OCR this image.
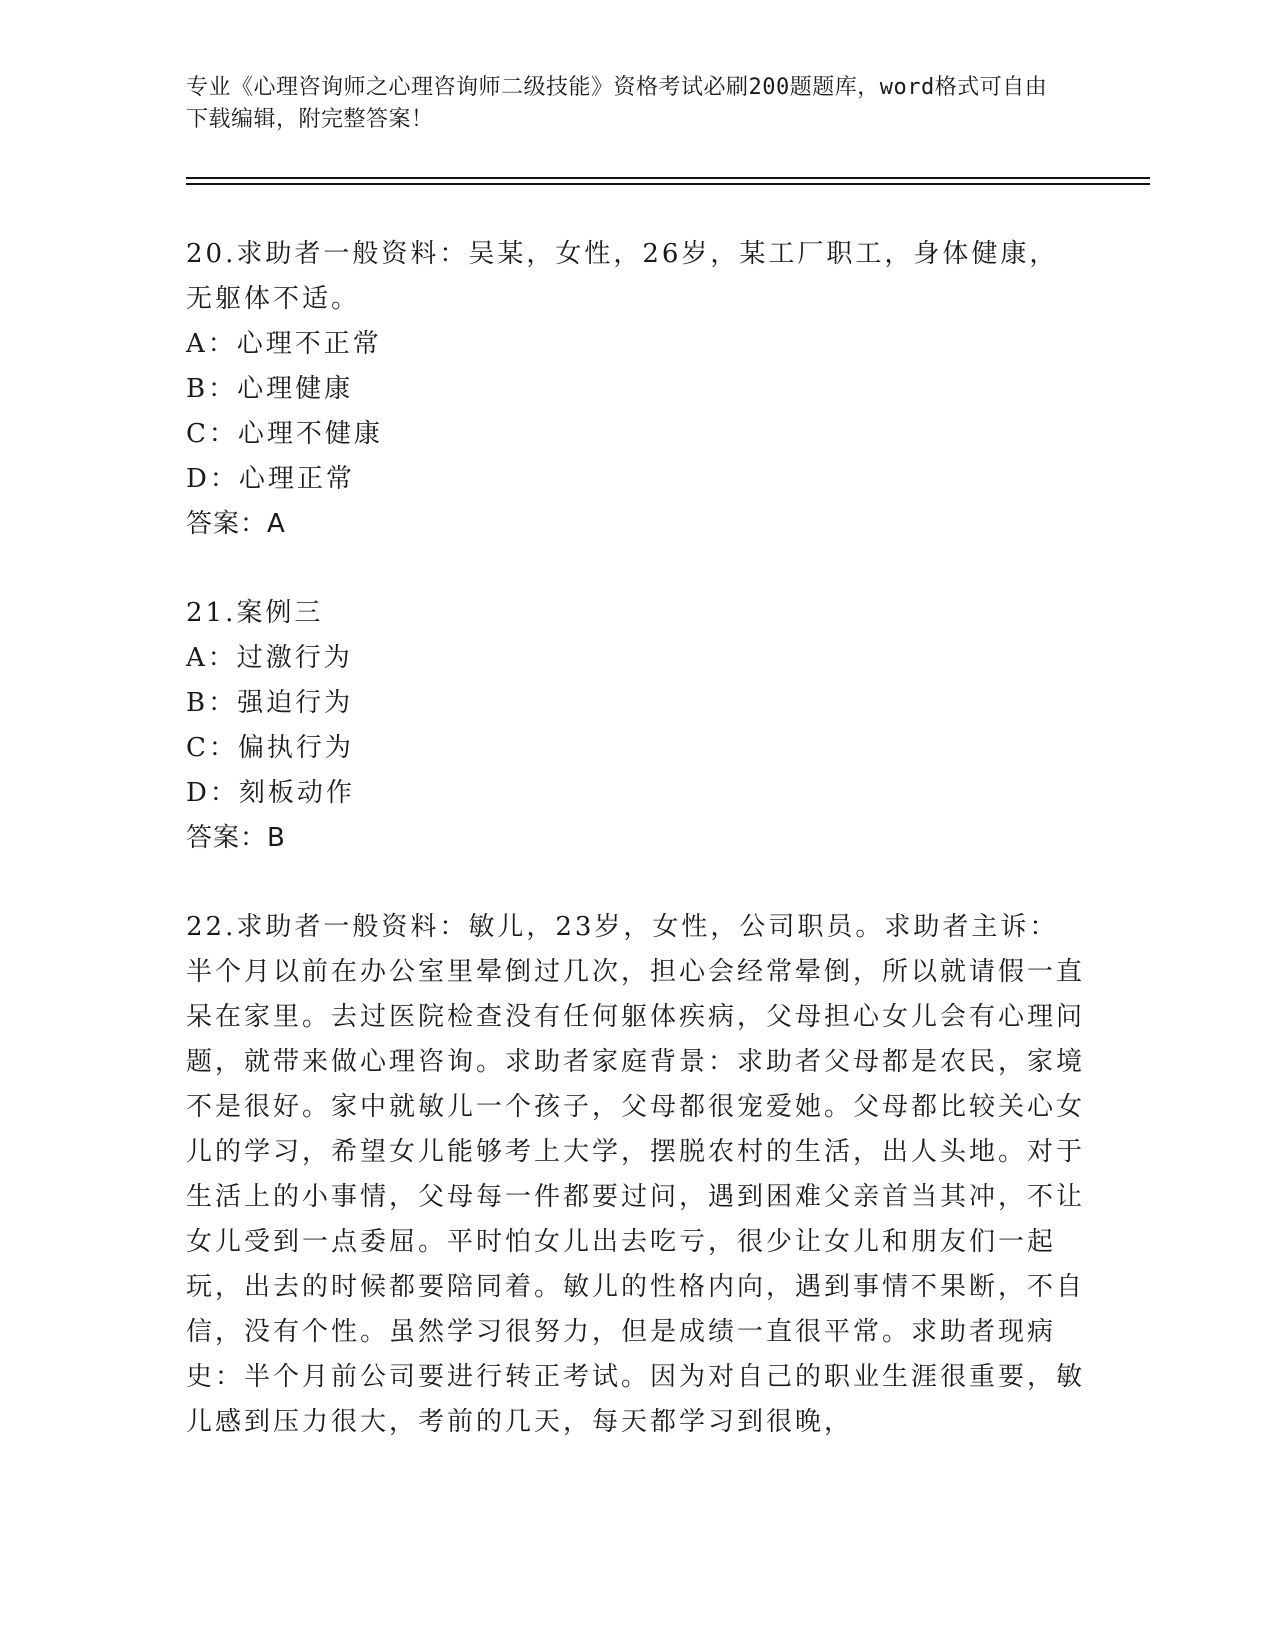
专业《心理咨询师之心理咨询师二级技能》资格考试必刷200题题库，word格式可自由下载编辑，附完整答案！

20.求助者一般资料：吴某，女性，26岁，某工厂职工，身体健康，无躯体不适。

A：心理不正常

B：心理健康

C：心理不健康

D：心理正常

答案：A

21.案例三

A：过激行为

B：强迫行为

C：偏执行为

D：刻板动作

答案：B

22.求助者一般资料：敏儿，23岁，女性，公司职员。求助者主诉：半个月以前在办公室里晕倒过几次，担心会经常晕倒，所以就请假一直呆在家里。去过医院检查没有任何躯体疾病，父母担心女儿会有心理问题，就带来做心理咨询。求助者家庭背景：求助者父母都是农民，家境不是很好。家中就敏儿一个孩子，父母都很宠爱她。父母都比较关心女儿的学习，希望女儿能够考上大学，摆脱农村的生活，出人头地。对于生活上的小事情，父母每一件都要过问，遇到困难父亲首当其冲，不让女儿受到一点委屈。平时怕女儿出去吃亏，很少让女儿和朋友们一起玩，出去的时候都要陪同着。敏儿的性格内向，遇到事情不果断，不自信，没有个性。虽然学习很努力，但是成绩一直很平常。求助者现病史：半个月前公司要进行转正考试。因为对自己的职业生涯很重要，敏儿感到压力很大，考前的几天，每天都学习到很晚，
